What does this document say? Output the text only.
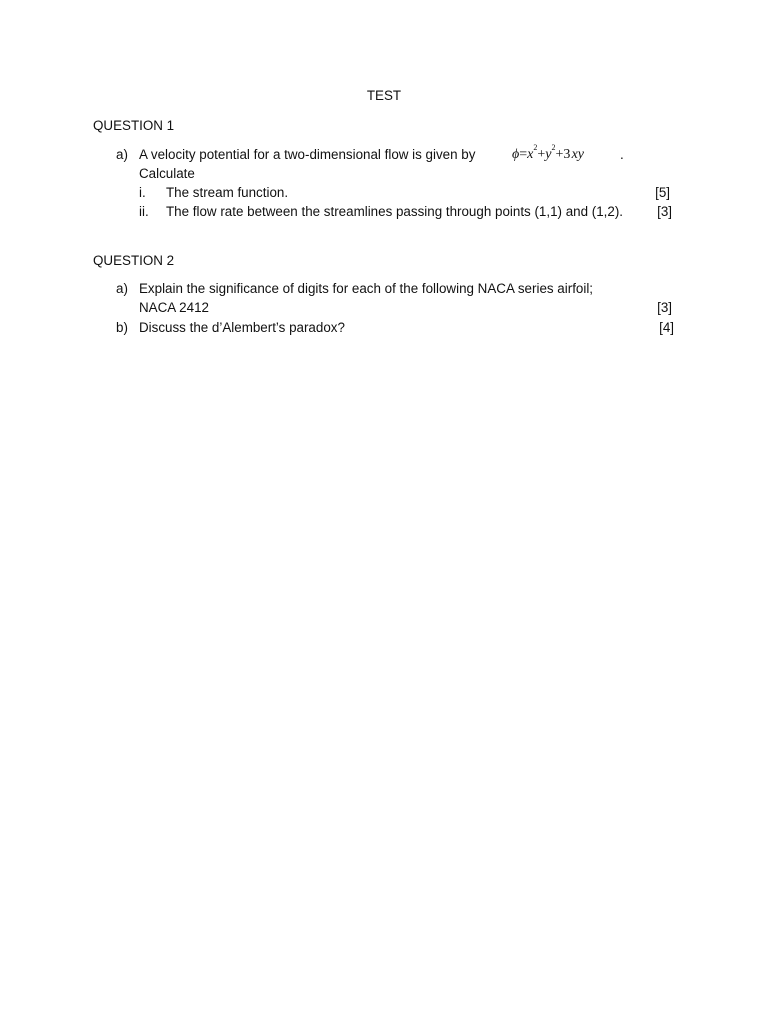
TEST
QUESTION 1
a) A velocity potential for a two-dimensional flow is given by	$\phi=x^2+y^2+3$ xy	.
Calculate
i. The stream function.	[5]
ii. The flow rate between the streamlines passing through points (1,1) and (1,2).	[3]
QUESTION 2
a) Explain the significance of digits for each of the following NACA series airfoil;
NACA 2412	[3]
b) Discuss the d’Alembert’s paradox?	[4]
